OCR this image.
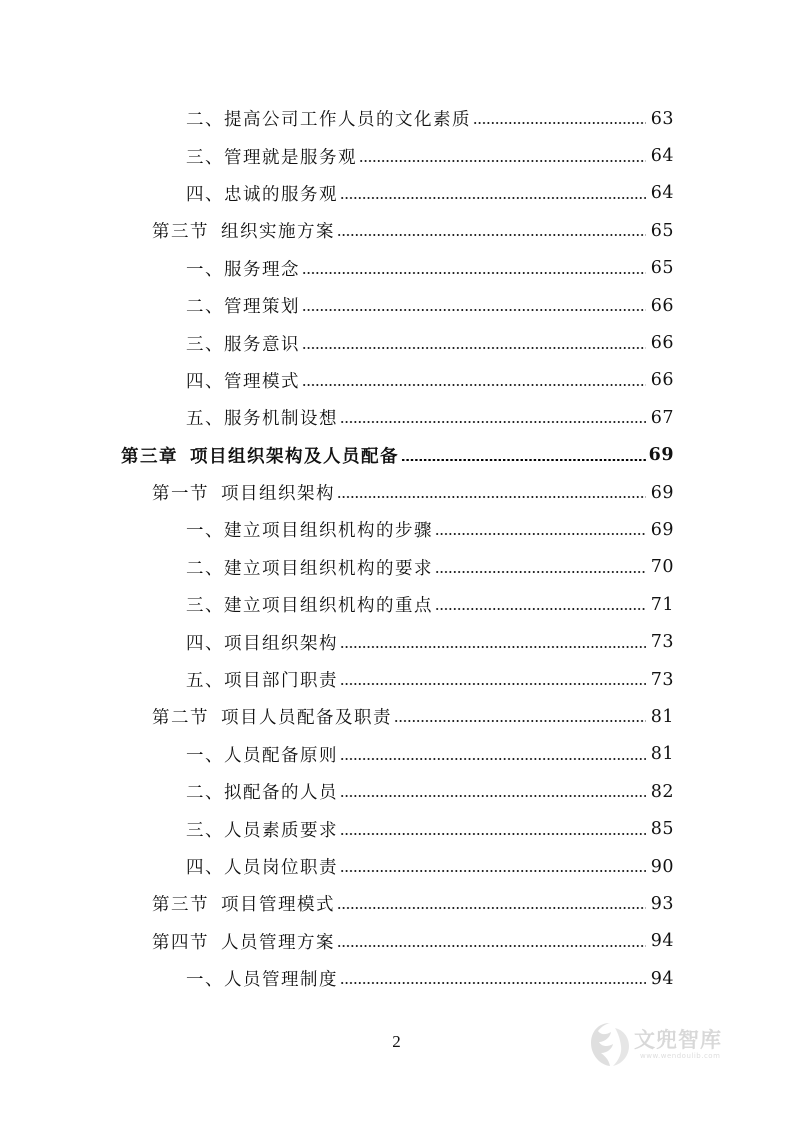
二、 提高公司工作人员的文化素质	63
三、 管理就是服务观	64
四、 忠诚的服务观	64
第三节 组织实施方案	65
一、 服务理念	65
二、 管理策划	66
三、 服务意识	66
四、 管理模式	66
五、 服务机制设想	67
第三章 项目组织架构及人员配备	69
第一节 项目组织架构	69
一、 建立项目组织机构的步骤	69
二、 建立项目组织机构的要求	70
三、 建立项目组织机构的重点	71
四、 项目组织架构	73
五、 项目部门职责	73
第二节 项目人员配备及职责	81
一、 人员配备原则	81
二、 拟配备的人员	82
三、 人员素质要求	85
四、 人员岗位职责	90
第三节 项目管理模式	93
第四节 人员管理方案	94
一、 人员管理制度	94
2	文兜智库
www.wendoulib.com
